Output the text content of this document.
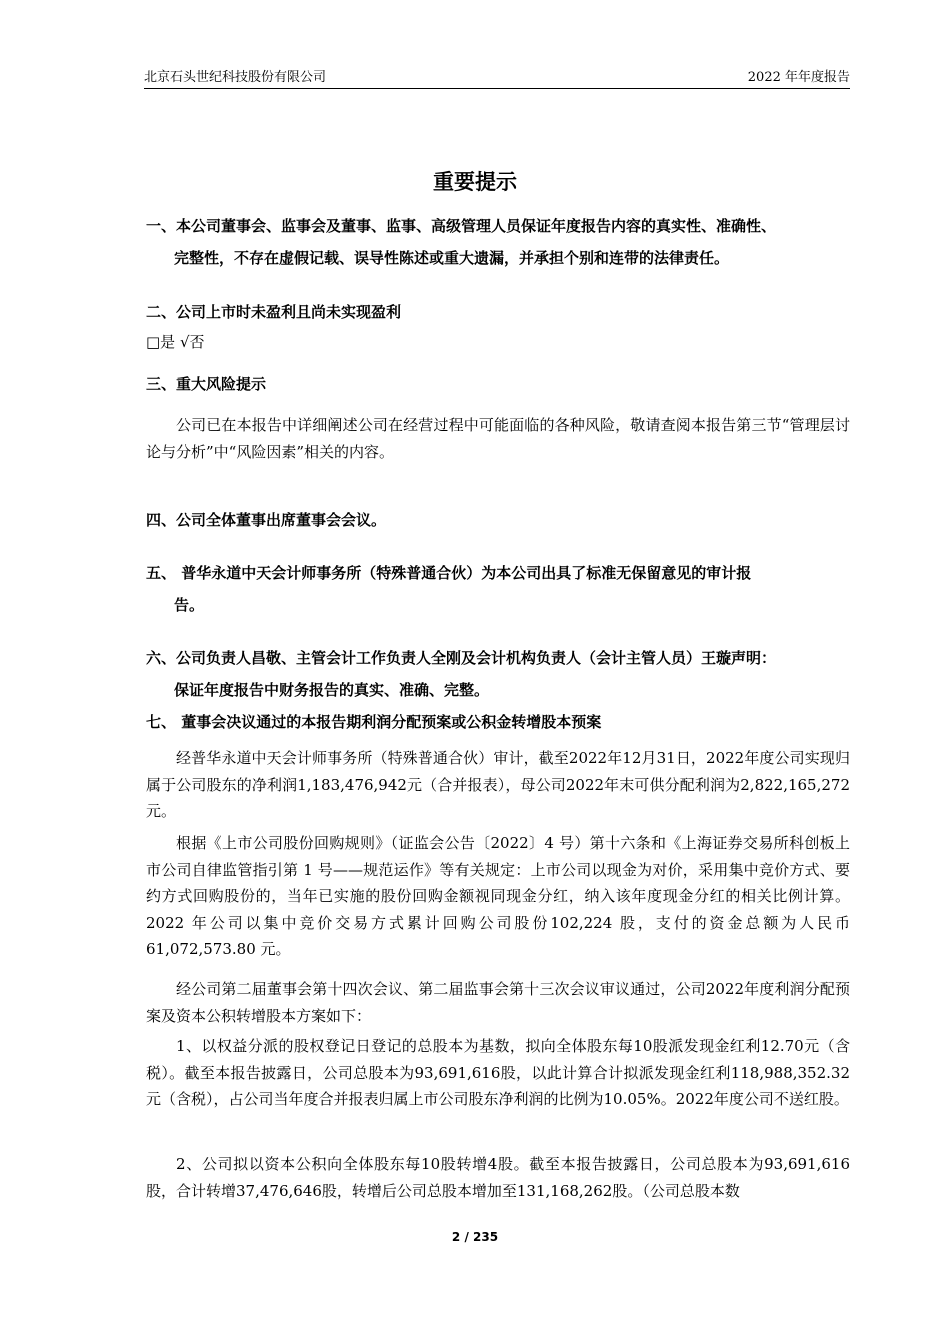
北京石头世纪科技股份有限公司	2022 年年度报告
重要提示
一、本公司董事会、监事会及董事、监事、高级管理人员保证年度报告内容的真实性、准确性、
完整性，不存在虚假记载、误导性陈述或重大遗漏，并承担个别和连带的法律责任。
二、公司上市时未盈利且尚未实现盈利
□是 √否
三、重大风险提示

公司已在本报告中详细阐述公司在经营过程中可能面临的各种风险，敬请查阅本报告第三节“管理层讨论与分析”中“风险因素”相关的内容。

四、公司全体董事出席董事会会议。
五、 普华永道中天会计师事务所（特殊普通合伙）为本公司出具了标准无保留意见的审计报
告。
六、公司负责人昌敬、主管会计工作负责人全刚及会计机构负责人（会计主管人员）王璇声明：
保证年度报告中财务报告的真实、准确、完整。
七、 董事会决议通过的本报告期利润分配预案或公积金转增股本预案

经普华永道中天会计师事务所（特殊普通合伙）审计，截至2022年12月31日，2022年度公司实现归属于公司股东的净利润1,183,476,942元（合并报表），母公司2022年末可供分配利润为2,822,165,272元。

根据《上市公司股份回购规则》（证监会公告〔2022〕4 号）第十六条和《上海证券交易所科创板上市公司自律监管指引第 1 号——规范运作》等有关规定：上市公司以现金为对价，采用集中竞价方式、要约方式回购股份的，当年已实施的股份回购金额视同现金分红，纳入该年度现金分红的相关比例计算。2022 年公司以集中竞价交易方式累计回购公司股份102,224 股，支付的资金总额为人民币 61,072,573.80 元。

经公司第二届董事会第十四次会议、第二届监事会第十三次会议审议通过，公司2022年度利润分配预案及资本公积转增股本方案如下：

1、以权益分派的股权登记日登记的总股本为基数，拟向全体股东每10股派发现金红利12.70元（含税）。截至本报告披露日，公司总股本为93,691,616股，以此计算合计拟派发现金红利118,988,352.32元（含税），占公司当年度合并报表归属上市公司股东净利润的比例为10.05%。2022年度公司不送红股。

2、公司拟以资本公积向全体股东每10股转增4股。截至本报告披露日，公司总股本为93,691,616股，合计转增37,476,646股，转增后公司总股本增加至131,168,262股。（公司总股本数

2 / 235
